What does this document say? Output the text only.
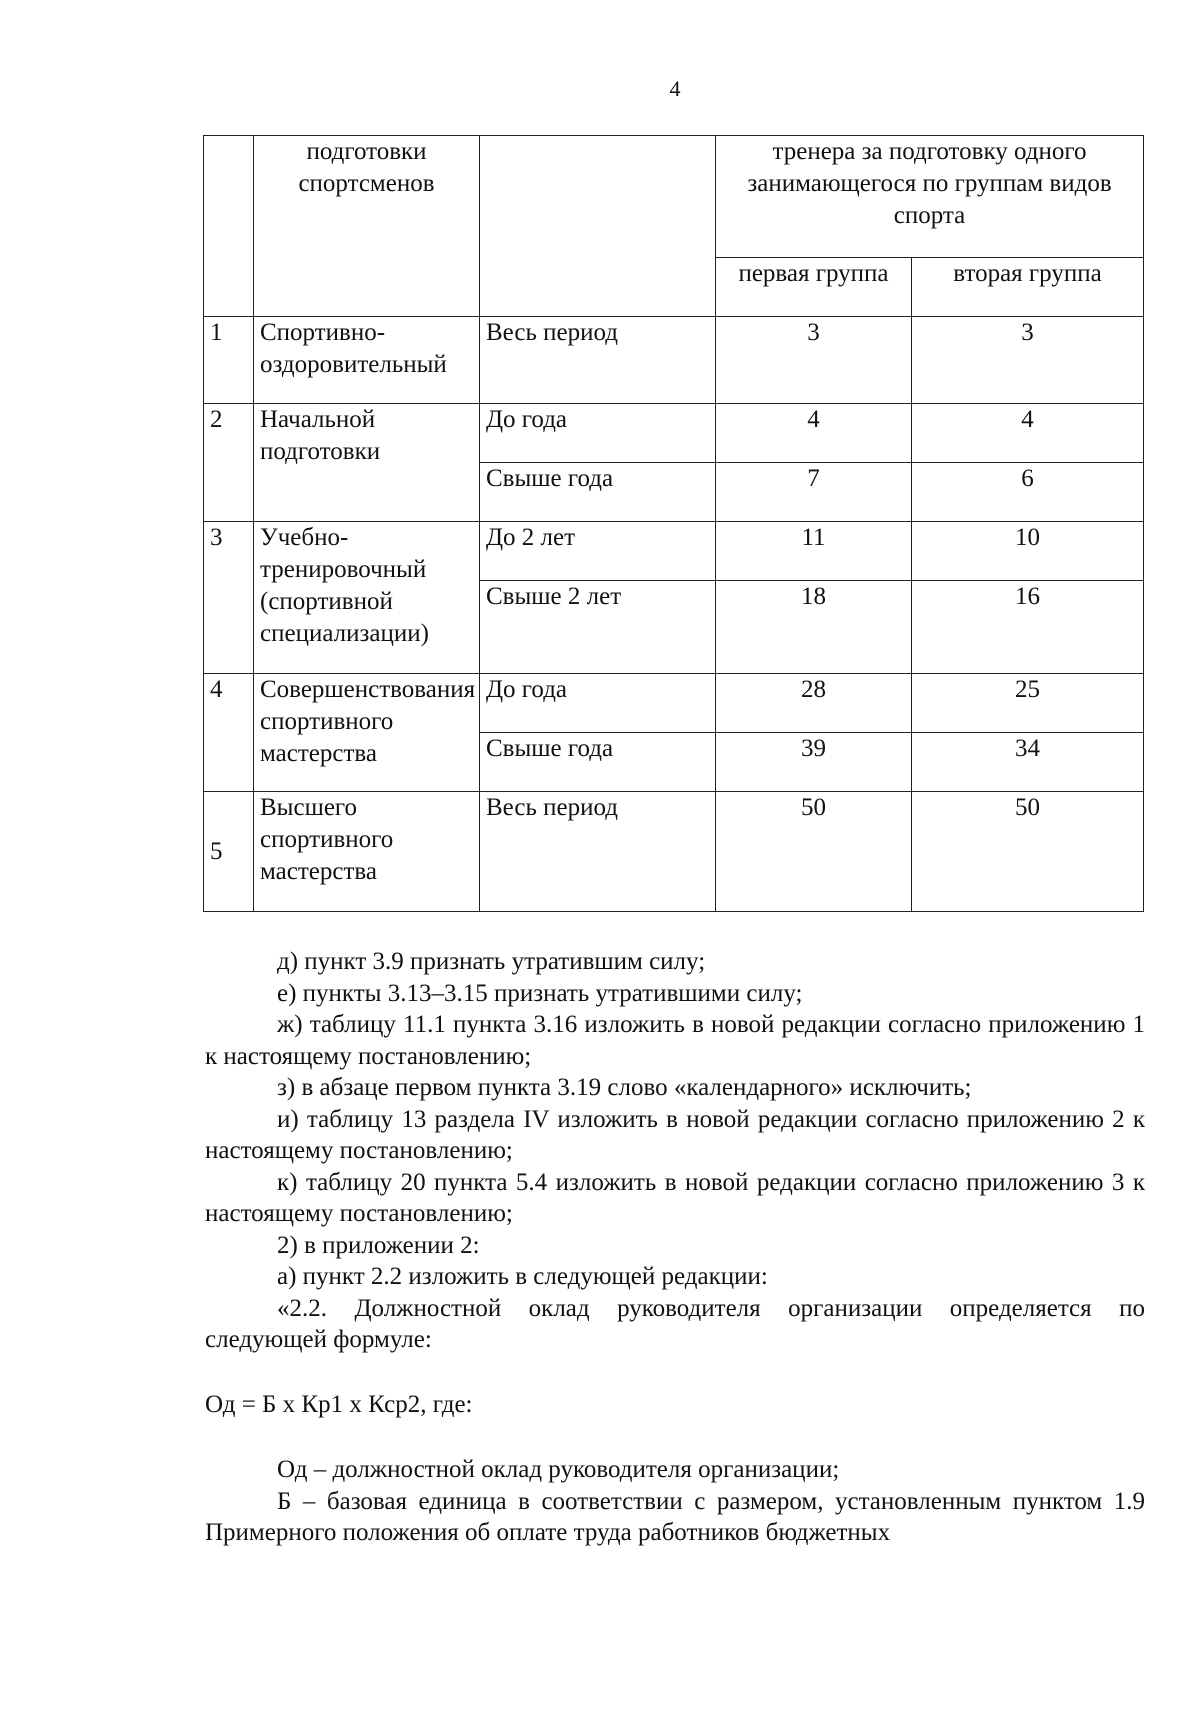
4
	подготовки спортсменов		тренера за подготовку одного занимающегося по группам видов спорта	
			первая группа	вторая группа
1	Спортивно-оздоровительный	Весь период	3	3
2	Начальной подготовки	До года	4	4
		Свыше года	7	6
3	Учебно-тренировочный (спортивной специализации)	До 2 лет	11	10
		Свыше 2 лет	18	16
4	Совершенствования спортивного мастерства	До года	28	25
		Свыше года	39	34
5	Высшего спортивного мастерства	Весь период	50	50

д) пункт 3.9 признать утратившим силу;

е) пункты 3.13–3.15 признать утратившими силу;

ж) таблицу 11.1 пункта 3.16 изложить в новой редакции согласно приложению 1 к настоящему постановлению;

з) в абзаце первом пункта 3.19 слово «календарного» исключить;

и) таблицу 13 раздела IV изложить в новой редакции согласно приложению 2 к настоящему постановлению;

к) таблицу 20 пункта 5.4 изложить в новой редакции согласно приложению 3 к настоящему постановлению;

2) в приложении 2:

а) пункт 2.2 изложить в следующей редакции:

«2.2. Должностной оклад руководителя организации определяется по следующей формуле:

Од = Б х Кр1 х Кср2, где:

Од – должностной оклад руководителя организации;

Б – базовая единица в соответствии с размером, установленным пунктом 1.9 Примерного положения об оплате труда работников бюджетных
